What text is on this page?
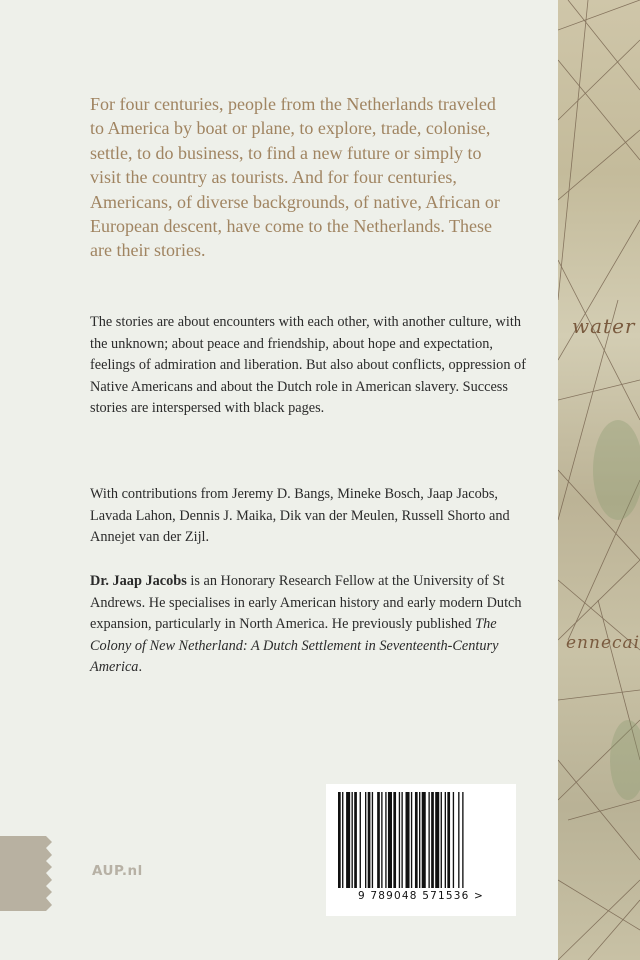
water
ennecai

For four centuries, people from the Netherlands traveled to America by boat or plane, to explore, trade, colonise, settle, to do business, to find a new future or simply to visit the country as tourists. And for four centuries, Americans, of diverse backgrounds, of native, African or European descent, have come to the Netherlands. These are their stories.

The stories are about encounters with each other, with another culture, with the unknown; about peace and friendship, about hope and expectation, feelings of admiration and liberation. But also about conflicts, oppression of Native Americans and about the Dutch role in American slavery. Success stories are interspersed with black pages.

With contributions from Jeremy D. Bangs, Mineke Bosch, Jaap Jacobs, Lavada Lahon, Dennis J. Maika, Dik van der Meulen, Russell Shorto and Annejet van der Zijl.

Dr. Jaap Jacobs is an Honorary Research Fellow at the University of St Andrews. He specialises in early American history and early modern Dutch expansion, particularly in North America. He previously published The Colony of New Netherland: A Dutch Settlement in Seventeenth-Century America.

9 789048 571536 >
AUP.nl
